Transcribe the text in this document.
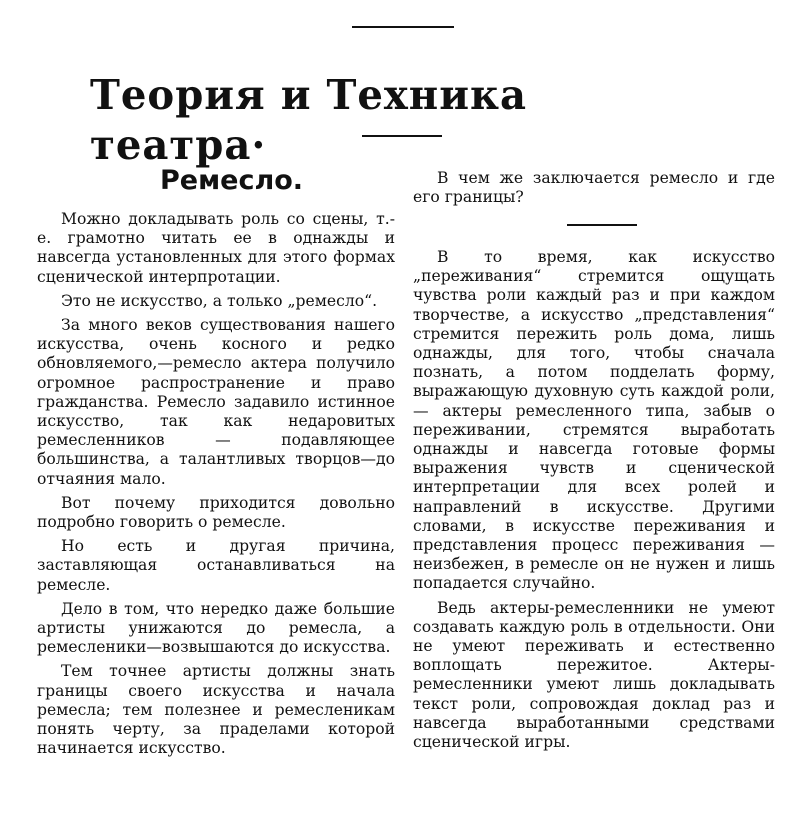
Теория и Техника театра·
Ремесло.

Можно докладывать роль со сцены, т.-е. грамотно читать ее в однажды и навсегда установленных для этого формах сценической интерпротации.

Это не искусство, а только „ремесло“.

За много веков существования нашего искусства, очень косного и редко обновляемого,—ремесло актера получило огромное распространение и право гражданства. Ремесло задавило истинное искусство, так как недаровитых ремесленников — подавляющее большинства, а талантливых творцов—до отчаяния мало.

Вот почему приходится довольно подробно говорить о ремесле.

Но есть и другая причина, заставляющая останавливаться на ремесле.

Дело в том, что нередко даже большие артисты унижаются до ремесла, а ремесленики—возвышаются до искусства.

Тем точнее артисты должны знать границы своего искусства и начала ремесла; тем полезнее и ремесленикам понять черту, за праделами которой начинается искусство.

В чем же заключается ремесло и где его границы?

В то время, как искусство „переживания“ стремится ощущать чувства роли каждый раз и при каждом творчестве, а искусство „представления“ стремится пережить роль дома, лишь однажды, для того, чтобы сначала познать, а потом подделать форму, выражающую духовную суть каждой роли,— актеры ремесленного типа, забыв о переживании, стремятся выработать однажды и навсегда готовые формы выражения чувств и сценической интерпретации для всех ролей и направлений в искусстве. Другими словами, в искусстве переживания и представления процесс переживания — неизбежен, в ремесле он не нужен и лишь попадается случайно.

Ведь актеры-ремесленники не умеют создавать каждую роль в отдельности. Они не умеют переживать и естественно воплощать пережитое. Актеры-ремесленники умеют лишь докладывать текст роли, сопровождая доклад раз и навсегда выработанными средствами сценической игры.
